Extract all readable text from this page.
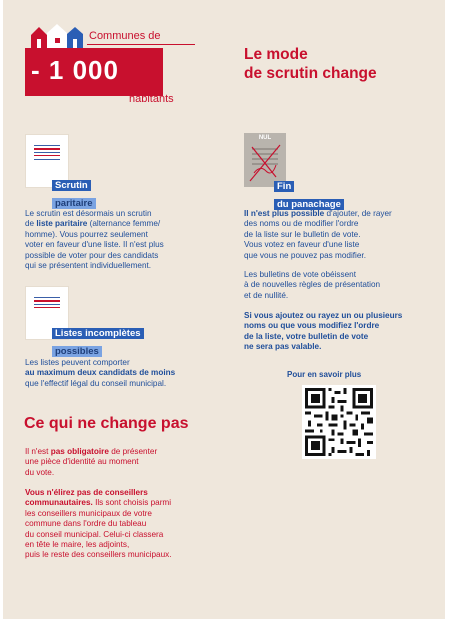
Communes de
- 1 000
habitants
Le mode
de scrutin change
Scrutin
paritaire
Le scrutin est désormais un scrutin
de liste paritaire (alternance femme/
homme). Vous pourrez seulement
voter en faveur d'une liste. Il n'est plus
possible de voter pour des candidats
qui se présentent individuellement.
Listes incomplètes
possibles
Les listes peuvent comporter
au maximum deux candidats de moins
que l'effectif légal du conseil municipal.
Ce qui ne change pas
Il n'est pas obligatoire de présenter
une pièce d'identité au moment
du vote.
Vous n'élirez pas de conseillers
communautaires. Ils sont choisis parmi
les conseillers municipaux de votre
commune dans l'ordre du tableau
du conseil municipal. Celui-ci classera
en tête le maire, les adjoints,
puis le reste des conseillers municipaux.
NUL
Fin
du panachage
Il n'est plus possible d'ajouter, de rayer
des noms ou de modifier l'ordre
de la liste sur le bulletin de vote.
Vous votez en faveur d'une liste
que vous ne pouvez pas modifier.
Les bulletins de vote obéissent
à de nouvelles règles de présentation
et de nullité.
Si vous ajoutez ou rayez un ou plusieurs
noms ou que vous modifiez l'ordre
de la liste, votre bulletin de vote
ne sera pas valable.
Pour en savoir plus
